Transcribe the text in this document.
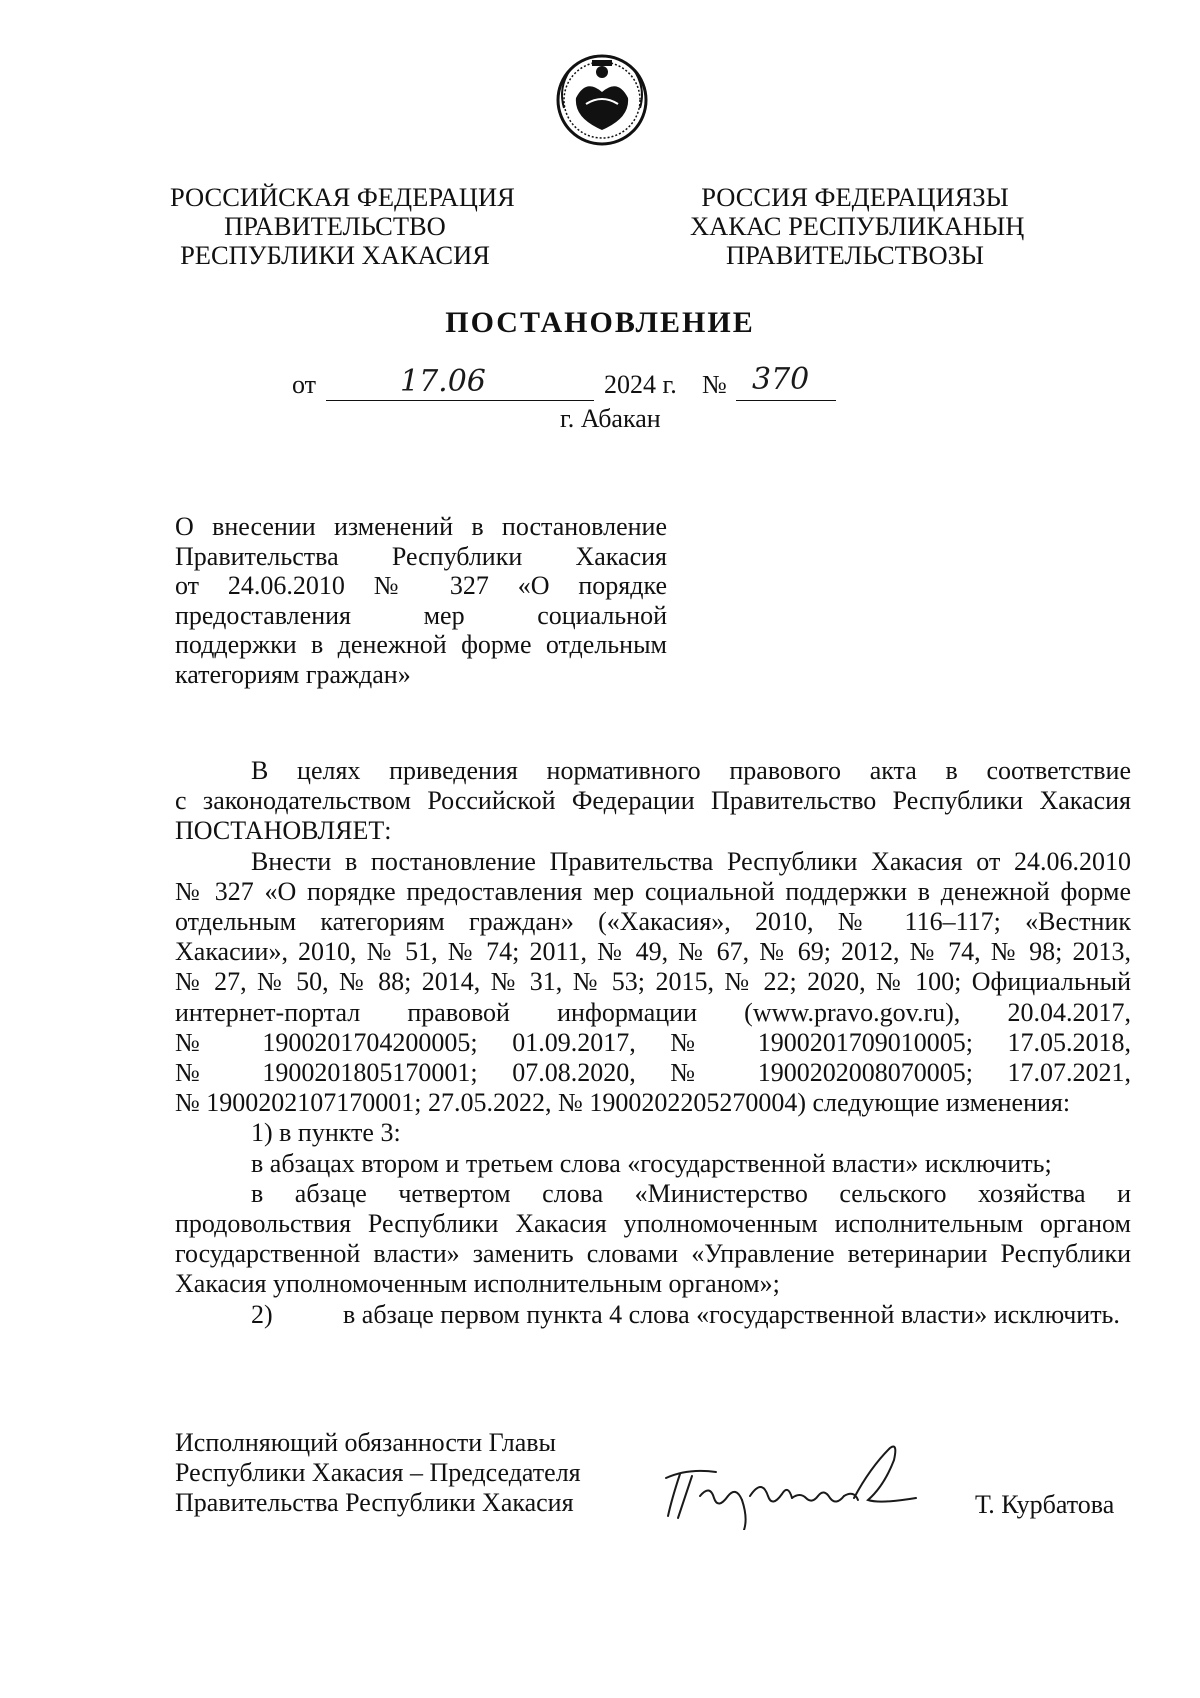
РОССИЙСКАЯ ФЕДЕРАЦИЯ
ПРАВИТЕЛЬСТВО
РЕСПУБЛИКИ ХАКАСИЯ
РОССИЯ ФЕДЕРАЦИЯЗЫ
ХАКАС РЕСПУБЛИКАНЫҢ
ПРАВИТЕЛЬСТВОЗЫ
ПОСТАНОВЛЕНИЕ
от	17.06	2024 г. № 370
г. Абакан
О внесении изменений в постановление
Правительства Республики Хакасия
от 24.06.2010 № 327 «О порядке
предоставления мер социальной
поддержки в денежной форме отдельным
категориям граждан»
В целях приведения нормативного правового акта в соответствие
с законодательством Российской Федерации Правительство Республики Хакасия
ПОСТАНОВЛЯЕТ:
Внести в постановление Правительства Республики Хакасия от 24.06.2010
№ 327 «О порядке предоставления мер социальной поддержки в денежной форме
отдельным категориям граждан» («Хакасия», 2010, № 116–117; «Вестник
Хакасии», 2010, № 51, № 74; 2011, № 49, № 67, № 69; 2012, № 74, № 98; 2013,
№ 27, № 50, № 88; 2014, № 31, № 53; 2015, № 22; 2020, № 100; Официальный
интернет-портал правовой информации (www.pravo.gov.ru), 20.04.2017,
№ 1900201704200005; 01.09.2017, № 1900201709010005; 17.05.2018,
№ 1900201805170001; 07.08.2020, № 1900202008070005; 17.07.2021,
№ 1900202107170001; 27.05.2022, № 1900202205270004) следующие изменения:
1) в пункте 3:
в абзацах втором и третьем слова «государственной власти» исключить;
в абзаце четвертом слова «Министерство сельского хозяйства и
продовольствия Республики Хакасия уполномоченным исполнительным органом
государственной власти» заменить словами «Управление ветеринарии Республики
Хакасия уполномоченным исполнительным органом»;
2)	в абзаце первом пункта 4 слова «государственной власти» исключить.
Исполняющий обязанности Главы
Республики Хакасия – Председателя
Правительства Республики Хакасия	Т. Курбатова
